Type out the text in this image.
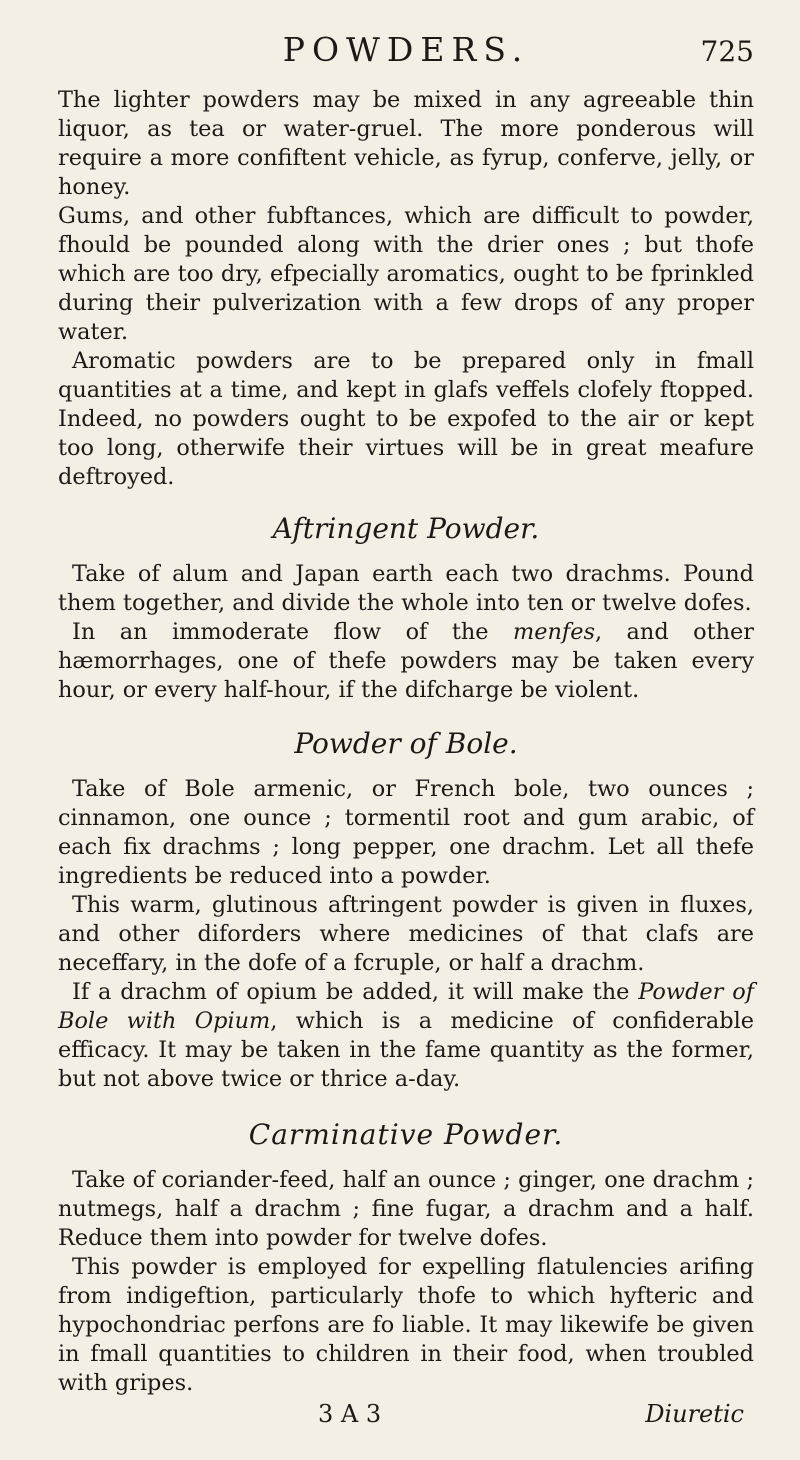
POWDERS.	725

The lighter powders may be mixed in any agreeable thin liquor, as tea or water-gruel. The more ponderous will require a more confiftent vehicle, as fyrup, conferve, jelly, or honey.

Gums, and other fubftances, which are difficult to powder, fhould be pounded along with the drier ones ; but thofe which are too dry, efpecially aromatics, ought to be fprinkled during their pulverization with a few drops of any proper water.

Aromatic powders are to be prepared only in fmall quantities at a time, and kept in glafs veffels clofely ftopped. Indeed, no powders ought to be expofed to the air or kept too long, otherwife their virtues will be in great meafure deftroyed.

Aftringent Powder.

Take of alum and Japan earth each two drachms. Pound them together, and divide the whole into ten or twelve dofes.

In an immoderate flow of the menfes, and other hæmorrhages, one of thefe powders may be taken every hour, or every half-hour, if the difcharge be violent.

Powder of Bole.

Take of Bole armenic, or French bole, two ounces ; cinnamon, one ounce ; tormentil root and gum arabic, of each fix drachms ; long pepper, one drachm. Let all thefe ingredients be reduced into a powder.

This warm, glutinous aftringent powder is given in fluxes, and other diforders where medicines of that clafs are neceffary, in the dofe of a fcruple, or half a drachm.

If a drachm of opium be added, it will make the Powder of Bole with Opium, which is a medicine of confiderable efficacy. It may be taken in the fame quantity as the former, but not above twice or thrice a-day.

Carminative Powder.

Take of coriander-feed, half an ounce ; ginger, one drachm ; nutmegs, half a drachm ; fine fugar, a drachm and a half. Reduce them into powder for twelve dofes.

This powder is employed for expelling flatulencies arifing from indigeftion, particularly thofe to which hyfteric and hypochondriac perfons are fo liable. It may likewife be given in fmall quantities to children in their food, when troubled with gripes.

3 A 3	Diuretic
